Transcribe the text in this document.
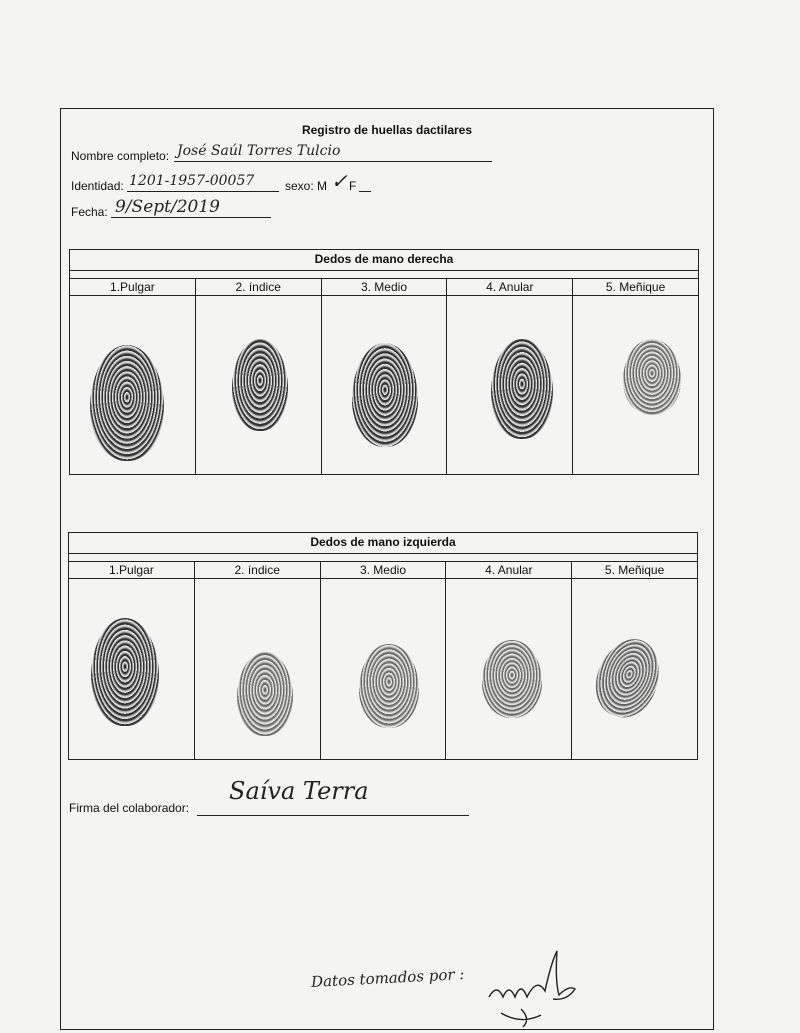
Registro de huellas dactilares
Nombre completo: José Saúl Torres Tulcio
Identidad: 1201-1957-00057	sexo: M ✓ F
Fecha: 9/Sept/2019
Dedos de mano derecha
1.Pulgar	2. índice	3. Medio	4. Anular	5. Meñique
Dedos de mano izquierda
1.Pulgar	2. índice	3. Medio	4. Anular	5. Meñique
Firma del colaborador:
Saíva Terra
Datos tomados por :
